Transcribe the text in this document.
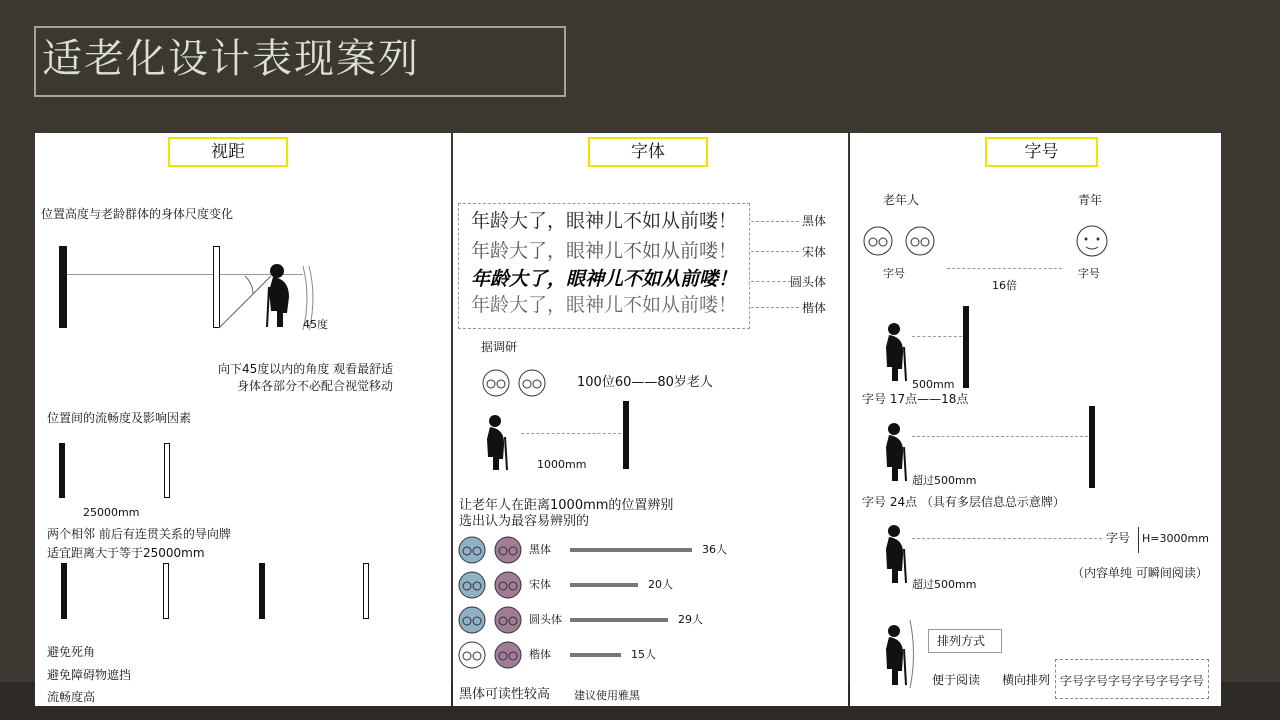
适老化设计表现案列
视距
位置高度与老龄群体的身体尺度变化
45度
向下45度以内的角度 观看最舒适
身体各部分不必配合视觉移动
位置间的流畅度及影响因素
25000mm
两个相邻 前后有连贯关系的导向牌
适宜距离大于等于25000mm
避免死角
避免障碍物遮挡
流畅度高
字体
年龄大了，眼神儿不如从前喽！
年龄大了，眼神儿不如从前喽！
年龄大了，眼神儿不如从前喽！
年龄大了，眼神儿不如从前喽！
黑体
宋体
圆头体
楷体
据调研
100位60——80岁老人
1000mm
让老年人在距离1000mm的位置辨别
选出认为最容易辨别的
黑体	36人
宋体	20人
圆头体	29人
楷体	15人
黑体可读性较高 建议使用雅黑
字号
老年人	青年
字号	字号
16倍
500mm
字号 17点——18点
超过500mm
字号 24点 （具有多层信息总示意牌）
字号 H=3000mm
超过500mm
（内容单纯 可瞬间阅读）
排列方式
便于阅读 横向排列 字号字号字号字号字号字号
